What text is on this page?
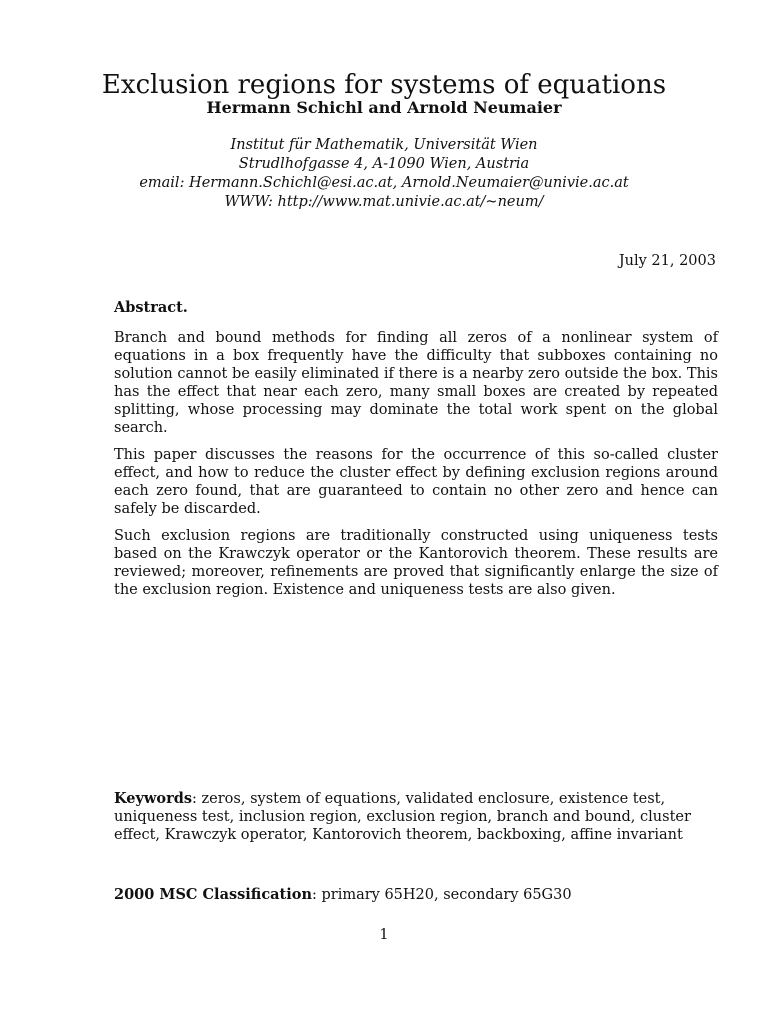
Exclusion regions for systems of equations
Hermann Schichl and Arnold Neumaier
Institut für Mathematik, Universität Wien
Strudlhofgasse 4, A-1090 Wien, Austria
email: Hermann.Schichl@esi.ac.at, Arnold.Neumaier@univie.ac.at
WWW: http://www.mat.univie.ac.at/~neum/
July 21, 2003
Abstract.

Branch and bound methods for finding all zeros of a nonlinear system of equations in a box frequently have the difficulty that subboxes containing no solution cannot be easily eliminated if there is a nearby zero outside the box. This has the effect that near each zero, many small boxes are created by repeated splitting, whose processing may dominate the total work spent on the global search.

This paper discusses the reasons for the occurrence of this so-called cluster effect, and how to reduce the cluster effect by defining exclusion regions around each zero found, that are guaranteed to contain no other zero and hence can safely be discarded.

Such exclusion regions are traditionally constructed using uniqueness tests based on the Krawczyk operator or the Kantorovich theorem. These results are reviewed; moreover, refinements are proved that significantly enlarge the size of the exclusion region. Existence and uniqueness tests are also given.

Keywords: zeros, system of equations, validated enclosure, existence test, uniqueness test, inclusion region, exclusion region, branch and bound, cluster effect, Krawczyk operator, Kantorovich theorem, backboxing, affine invariant
2000 MSC Classification: primary 65H20, secondary 65G30
1
